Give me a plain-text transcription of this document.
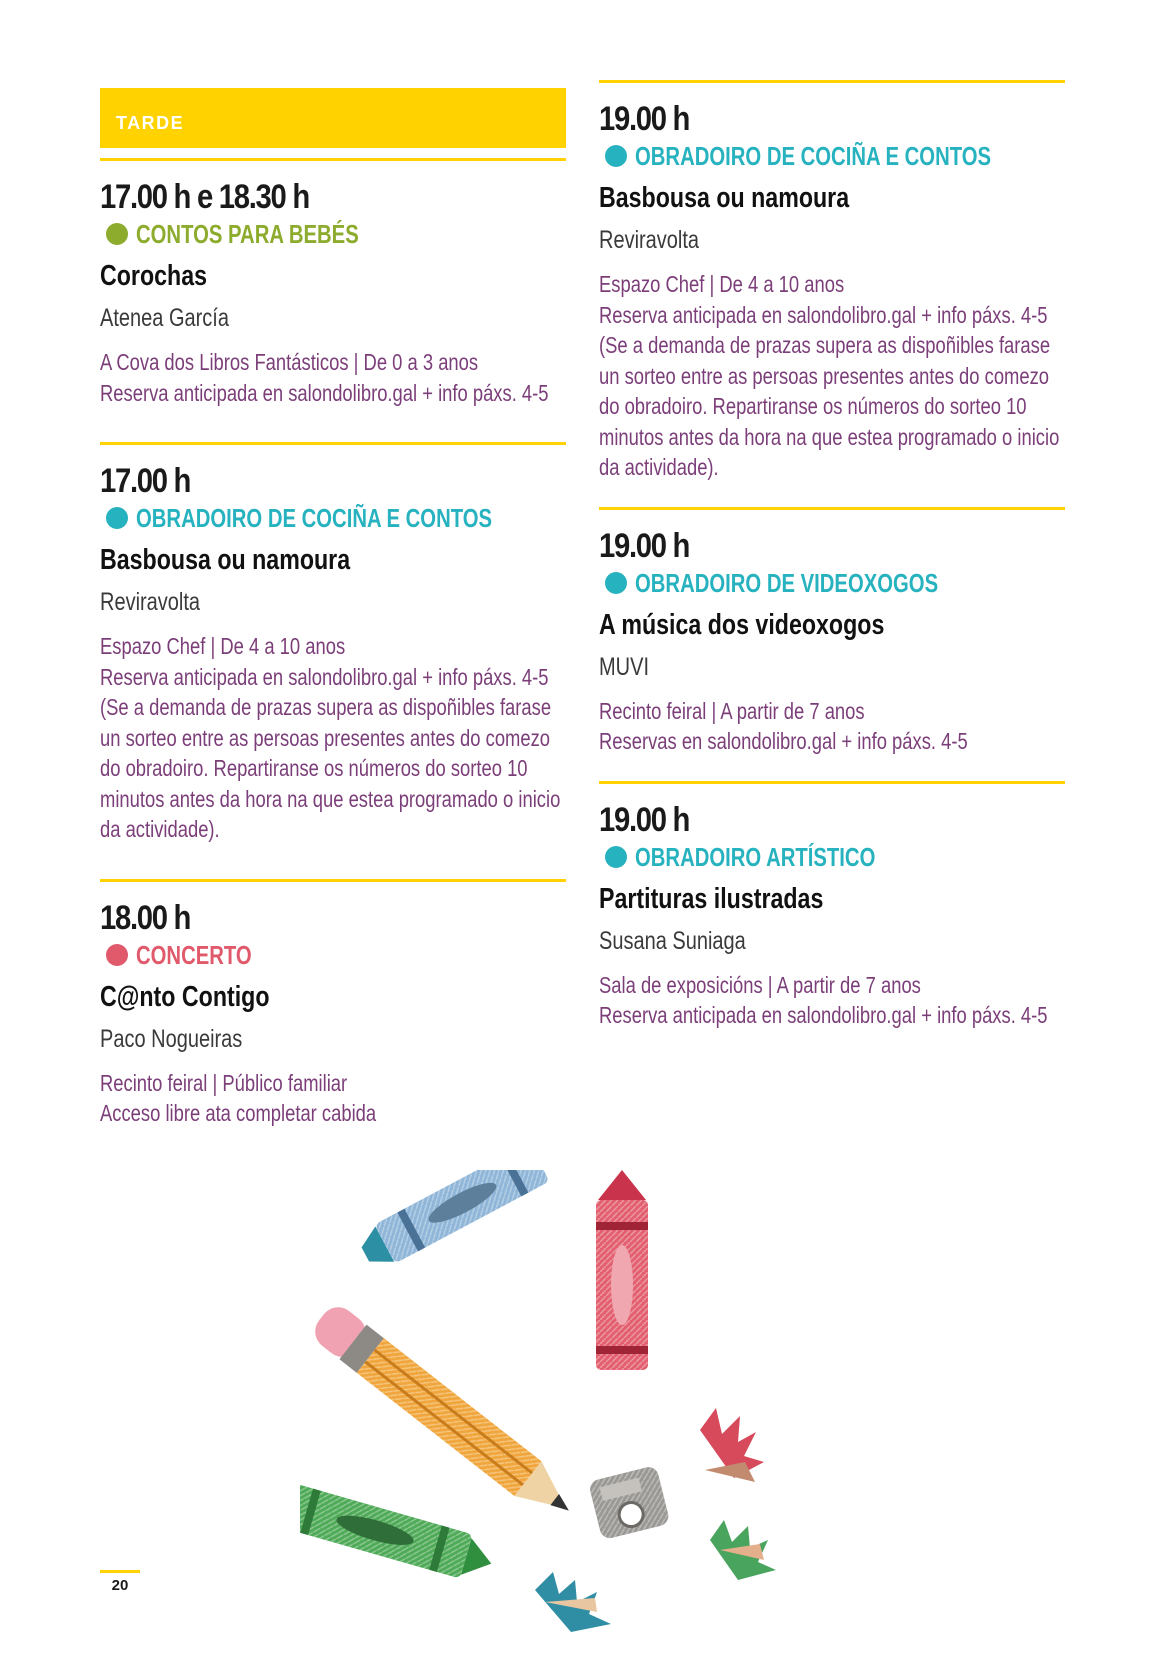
TARDE
17.00 h e 18.30 h
CONTOS PARA BEBÉS
Corochas
Atenea García
A Cova dos Libros Fantásticos | De 0 a 3 anos
Reserva anticipada en salondolibro.gal + info páxs. 4-5
17.00 h
OBRADOIRO DE COCIÑA E CONTOS
Basbousa ou namoura
Reviravolta
Espazo Chef | De 4 a 10 anos
Reserva anticipada en salondolibro.gal + info páxs. 4-5
(Se a demanda de prazas supera as dispoñibles farase
un sorteo entre as persoas presentes antes do comezo
do obradoiro. Repartiranse os números do sorteo 10
minutos antes da hora na que estea programado o inicio
da actividade).
18.00 h
CONCERTO
C@nto Contigo
Paco Nogueiras
Recinto feiral | Público familiar
Acceso libre ata completar cabida
19.00 h
OBRADOIRO DE COCIÑA E CONTOS
Basbousa ou namoura
Reviravolta
Espazo Chef | De 4 a 10 anos
Reserva anticipada en salondolibro.gal + info páxs. 4-5
(Se a demanda de prazas supera as dispoñibles farase
un sorteo entre as persoas presentes antes do comezo
do obradoiro. Repartiranse os números do sorteo 10
minutos antes da hora na que estea programado o inicio
da actividade).
19.00 h
OBRADOIRO DE VIDEOXOGOS
A música dos videoxogos
MUVI
Recinto feiral | A partir de 7 anos
Reservas en salondolibro.gal + info páxs. 4-5
19.00 h
OBRADOIRO ARTÍSTICO
Partituras ilustradas
Susana Suniaga
Sala de exposicións | A partir de 7 anos
Reserva anticipada en salondolibro.gal + info páxs. 4-5
20
